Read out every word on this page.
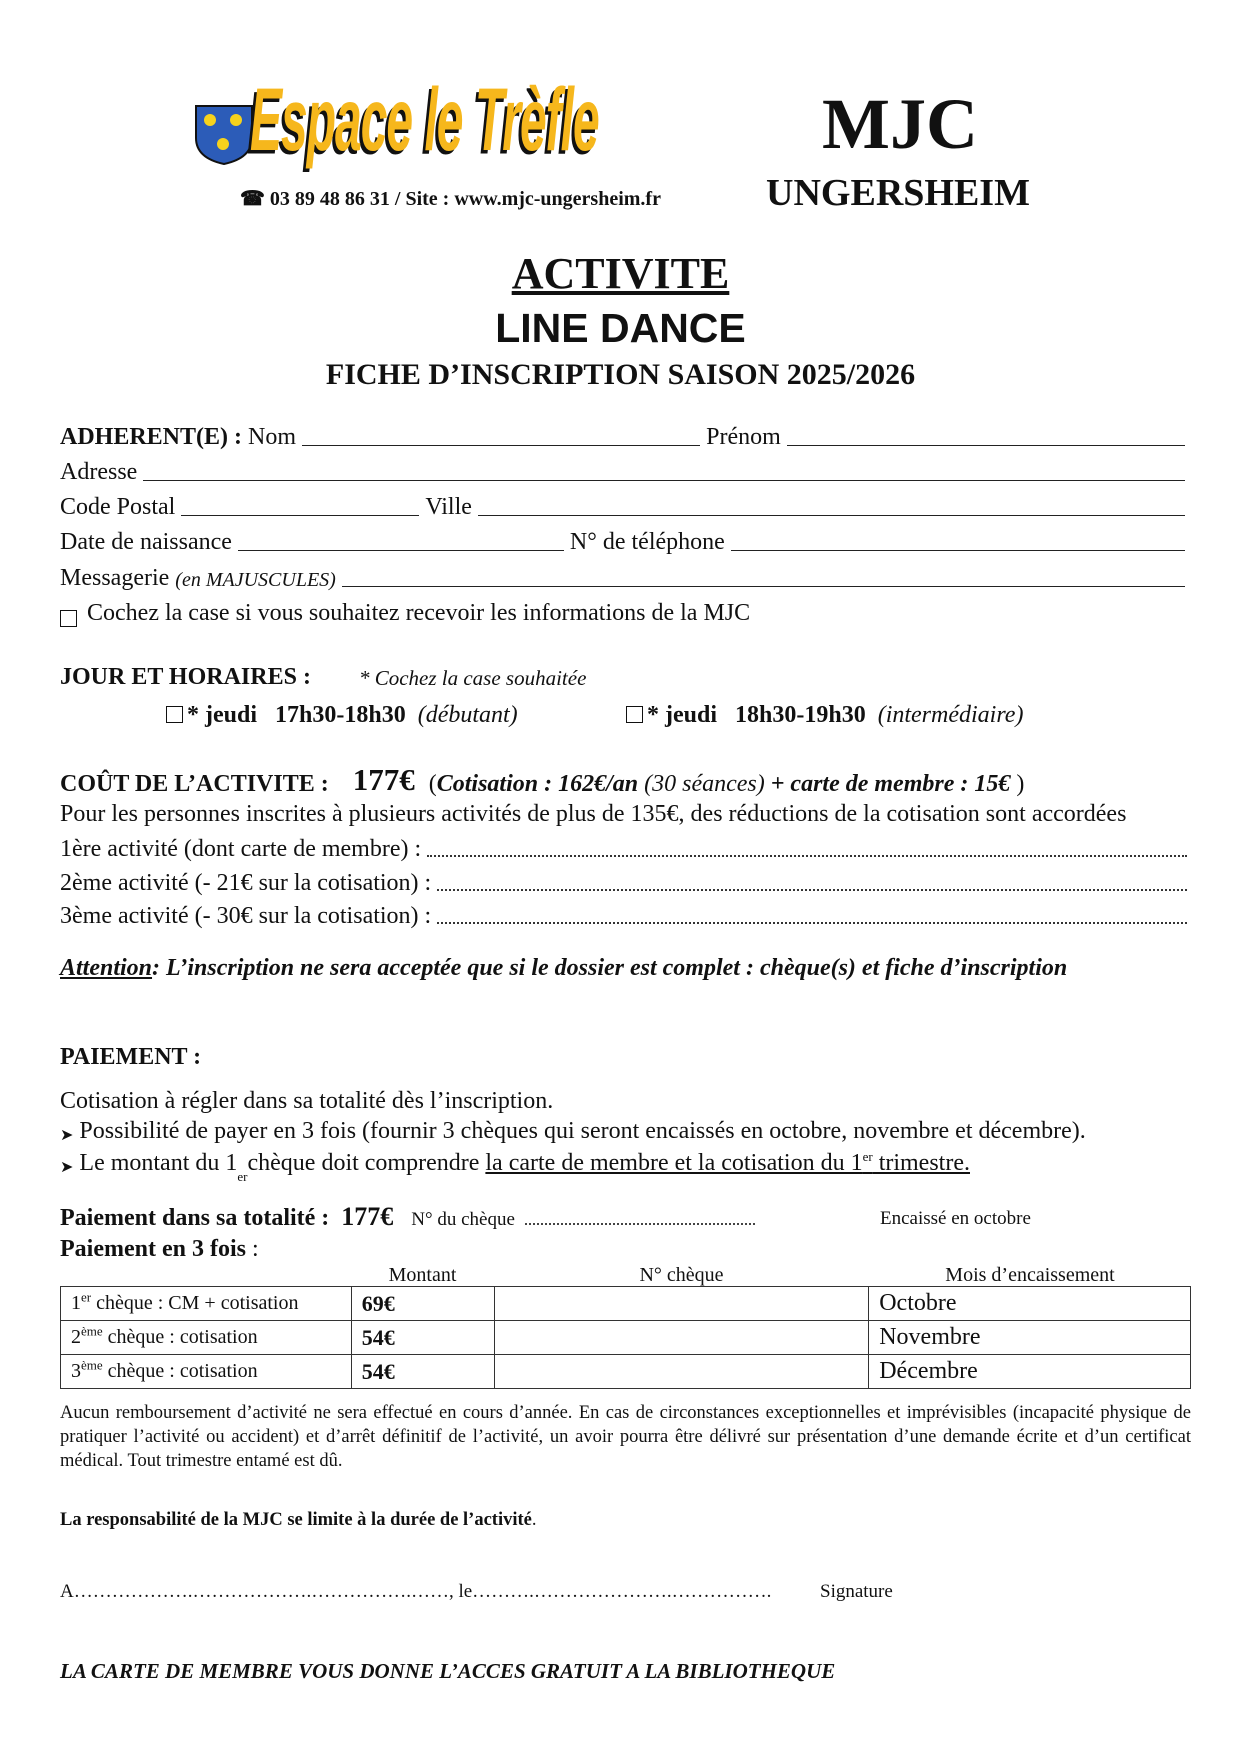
Espace le Trèfle
☎ 03 89 48 86 31 / Site : www.mjc-ungersheim.fr
MJC
UNGERSHEIM
ACTIVITE
LINE DANCE
FICHE D’INSCRIPTION SAISON 2025/2026
ADHERENT(E) :
Nom	Prénom
Adresse
Code Postal	Ville
Date de naissance	N° de téléphone
Messagerie
(en MAJUSCULES)

Cochez la case si vous souhaitez recevoir les informations de la MJC
JOUR ET HORAIRES : * Cochez la case souhaitée
* jeudi 17h30-18h30 (débutant)	* jeudi 18h30-19h30 (intermédiaire)
COÛT DE L’ACTIVITE : 177€ ( Cotisation : 162€/an
(30 séances)
+ carte de membre : 15€ )
Pour les personnes inscrites à plusieurs activités de plus de 135€, des réductions de la cotisation sont accordées
1ère activité (dont carte de membre) :
2ème activité (- 21€ sur la cotisation) :
3ème activité (- 30€ sur la cotisation) :
Attention : L’inscription ne sera acceptée que si le dossier est complet : chèque(s) et fiche d’inscription
PAIEMENT :
Cotisation à régler dans sa totalité dès l’inscription.
➤ Possibilité de payer en 3 fois (fournir 3 chèques qui seront encaissés en octobre, novembre et décembre).
➤ Le montant du 1
er
chèque doit comprendre
la carte de membre et la cotisation du 1er trimestre.
Paiement dans sa totalité : 177€ N° du chèque	Encaissé en octobre
Paiement en 3 fois :
Montant	N° chèque	Mois d’encaissement
1er chèque : CM + cotisation	69€		Octobre
2ème chèque : cotisation	54€		Novembre
3ème chèque : cotisation	54€		Décembre
Aucun remboursement d’activité ne sera effectué en cours d’année. En cas de circonstances exceptionnelles et imprévisibles (incapacité physique de pratiquer l’activité ou accident) et d’arrêt définitif de l’activité, un avoir pourra être délivré sur présentation d’une demande écrite et d’un certificat médical. Tout trimestre entamé est dû.
La responsabilité de la MJC se limite à la durée de l’activité.
A……………….……………….…………….……, le……….………………….…………….	Signature
LA CARTE DE MEMBRE VOUS DONNE L’ACCES GRATUIT A LA BIBLIOTHEQUE
